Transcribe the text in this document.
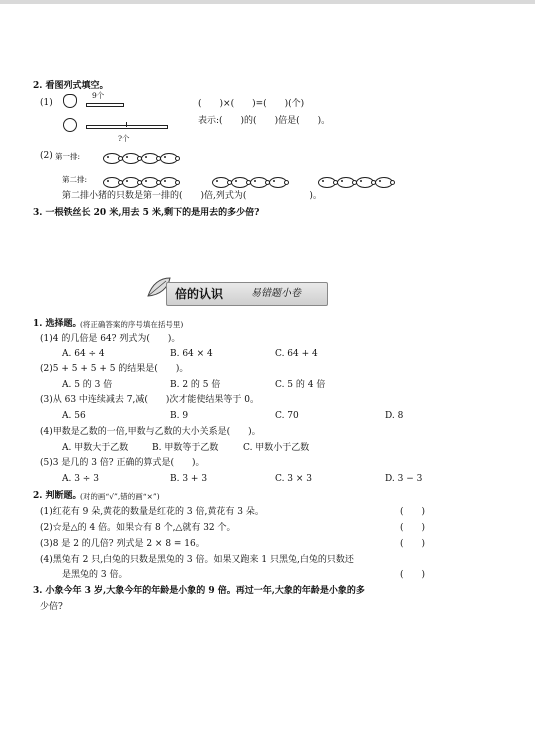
2. 看图列式填空。
(1)
9个
?个
(　　)×(　　)=(　　)(个)
表示:(　　)的(　　)倍是(　　)。
(2) 第一排:
第二排:
第二排小猪的只数是第一排的(　　)倍,列式为(　　　　　　　)。
3. 一根铁丝长 20 米,用去 5 米,剩下的是用去的多少倍?
倍的认识	易错题小卷
1. 选择题。
(将正确答案的序号填在括号里)
(1)4 的几倍是 64? 列式为(　　)。
A. 64 ÷ 4	B. 64 × 4	C. 64 + 4
(2)5 + 5 + 5 + 5 的结果是(　　)。
A. 5 的 3 倍	B. 2 的 5 倍	C. 5 的 4 倍
(3)从 63 中连续减去 7,减(　　)次才能使结果等于 0。
A. 56	B. 9	C. 70	D. 8
(4)甲数是乙数的一倍,甲数与乙数的大小关系是(　　)。
A. 甲数大于乙数	B. 甲数等于乙数	C. 甲数小于乙数
(5)3 是几的 3 倍? 正确的算式是(　　)。
A. 3 ÷ 3	B. 3 + 3	C. 3 × 3	D. 3 − 3
2. 判断题。
(对的画“√”,错的画“×”)
(1)红花有 9 朵,黄花的数量是红花的 3 倍,黄花有 3 朵。	(　　)
(2)☆是△的 4 倍。如果☆有 8 个,△就有 32 个。	(　　)
(3)8 是 2 的几倍? 列式是 2 × 8 = 16。	(　　)
(4)黑兔有 2 只,白兔的只数是黑兔的 3 倍。如果又跑来 1 只黑兔,白兔的只数还
是黑兔的 3 倍。	(　　)
3. 小象今年 3 岁,大象今年的年龄是小象的 9 倍。再过一年,大象的年龄是小象的多
少倍?
